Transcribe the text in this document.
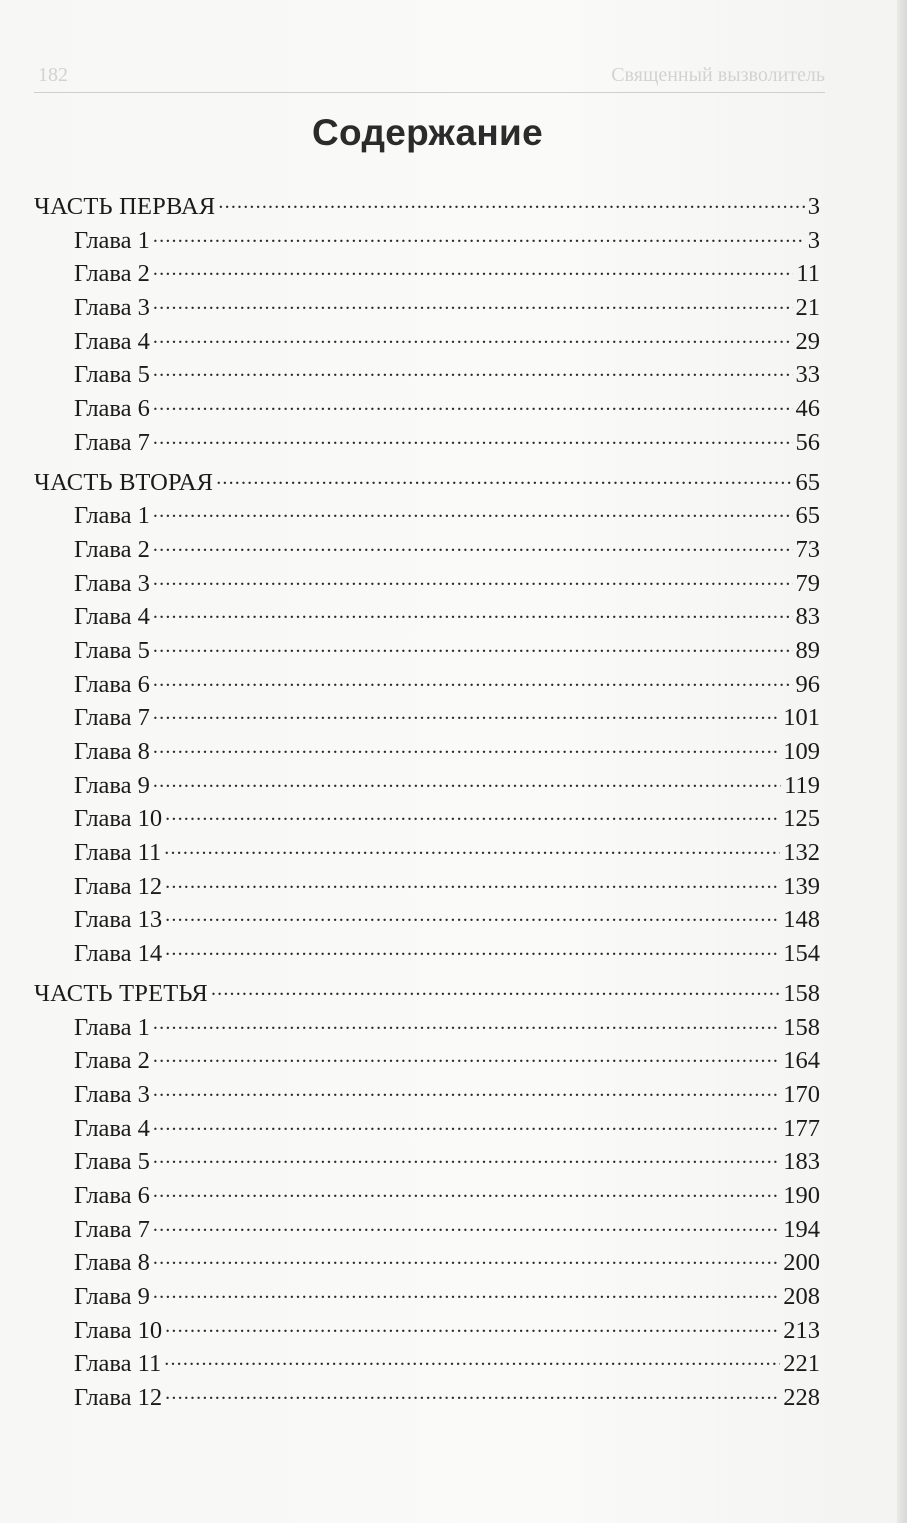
182	Священный вызволитель
Содержание
ЧАСТЬ ПЕРВАЯ .....	3
Глава 1 .....	3
Глава 2 .....	11
Глава 3 .....	21
Глава 4 .....	29
Глава 5 .....	33
Глава 6 .....	46
Глава 7 .....	56
ЧАСТЬ ВТОРАЯ .....	65
Глава 1 .....	65
Глава 2 .....	73
Глава 3 .....	79
Глава 4 .....	83
Глава 5 .....	89
Глава 6 .....	96
Глава 7 .....	101
Глава 8 .....	109
Глава 9 .....	119
Глава 10 .....	125
Глава 11 .....	132
Глава 12 .....	139
Глава 13 .....	148
Глава 14 .....	154
ЧАСТЬ ТРЕТЬЯ .....	158
Глава 1 .....	158
Глава 2 .....	164
Глава 3 .....	170
Глава 4 .....	177
Глава 5 .....	183
Глава 6 .....	190
Глава 7 .....	194
Глава 8 .....	200
Глава 9 .....	208
Глава 10 .....	213
Глава 11 .....	221
Глава 12 .....	228
